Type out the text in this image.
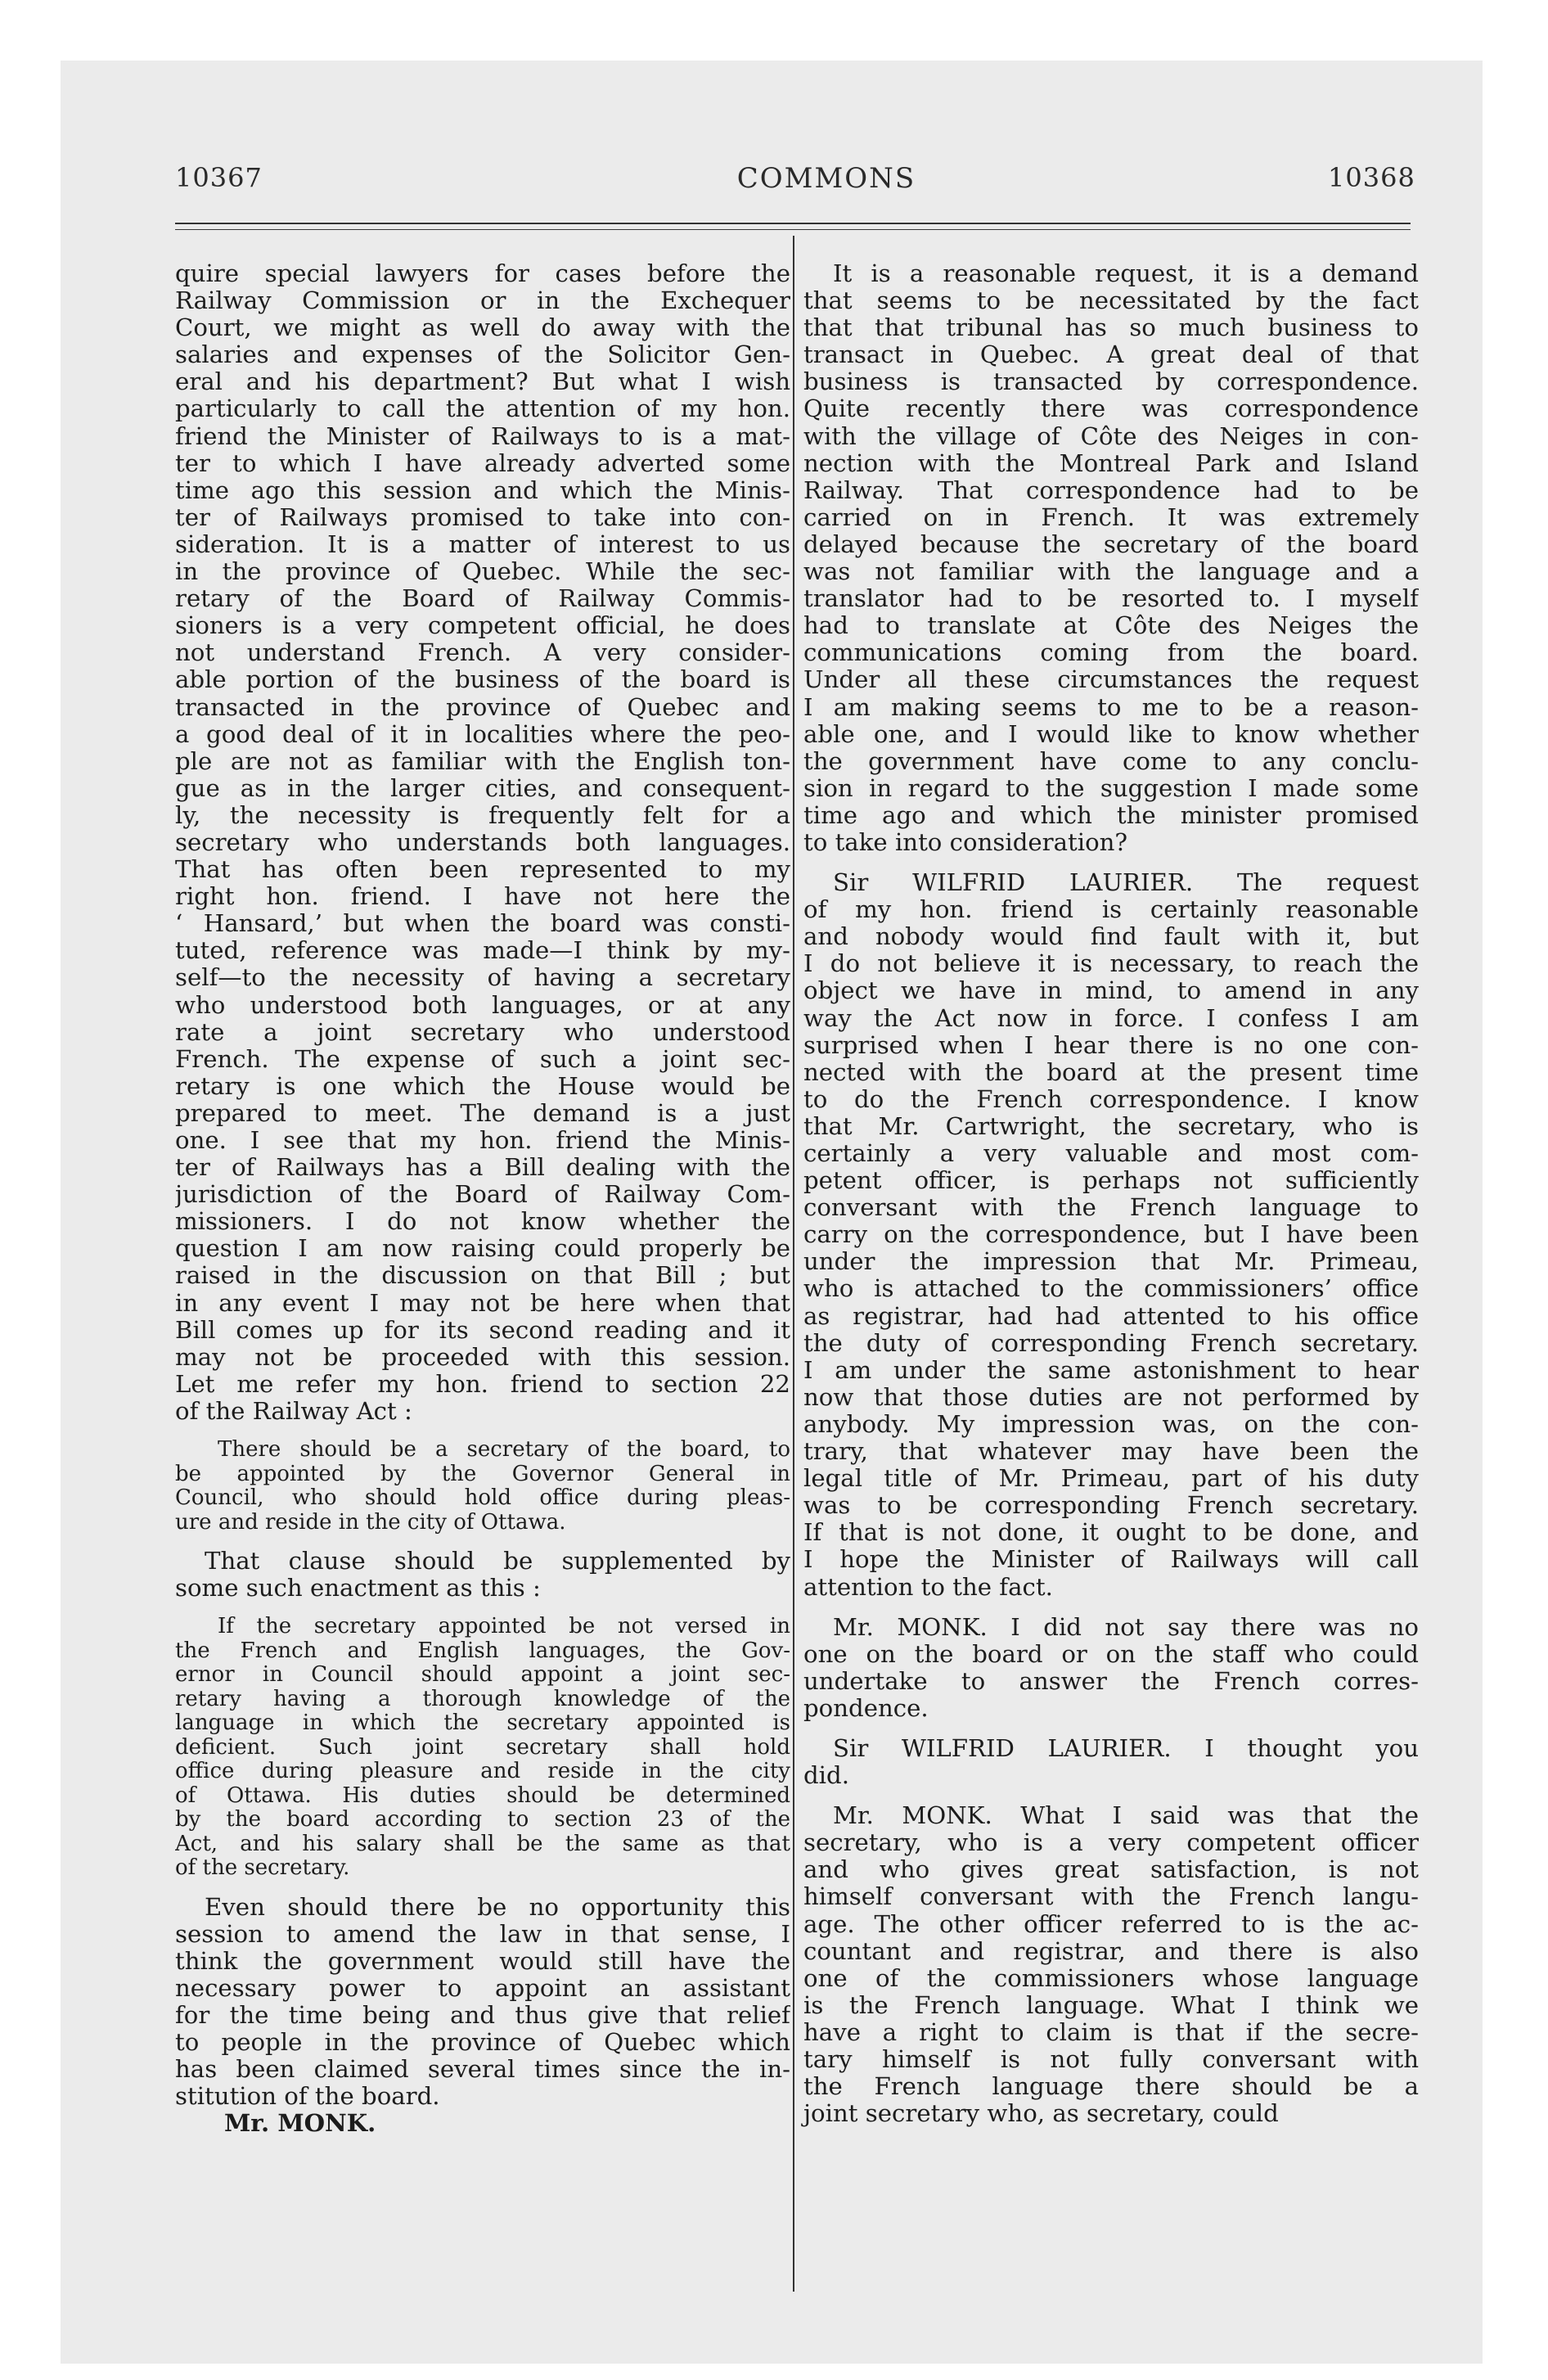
10367	COMMONS	10368
quire special lawyers for cases before the
Railway Commission or in the Exchequer
Court, we might as well do away with the
salaries and expenses of the Solicitor Gen-
eral and his department? But what I wish
particularly to call the attention of my hon.
friend the Minister of Railways to is a mat-
ter to which I have already adverted some
time ago this session and which the Minis-
ter of Railways promised to take into con-
sideration. It is a matter of interest to us
in the province of Quebec. While the sec-
retary of the Board of Railway Commis-
sioners is a very competent official, he does
not understand French. A very consider-
able portion of the business of the board is
transacted in the province of Quebec and
a good deal of it in localities where the peo-
ple are not as familiar with the English ton-
gue as in the larger cities, and consequent-
ly, the necessity is frequently felt for a
secretary who understands both languages.
That has often been represented to my
right hon. friend. I have not here the
‘ Hansard,’ but when the board was consti-
tuted, reference was made—I think by my-
self—to the necessity of having a secretary
who understood both languages, or at any
rate a joint secretary who understood
French. The expense of such a joint sec-
retary is one which the House would be
prepared to meet. The demand is a just
one. I see that my hon. friend the Minis-
ter of Railways has a Bill dealing with the
jurisdiction of the Board of Railway Com-
missioners. I do not know whether the
question I am now raising could properly be
raised in the discussion on that Bill ; but
in any event I may not be here when that
Bill comes up for its second reading and it
may not be proceeded with this session.
Let me refer my hon. friend to section 22
of the Railway Act :
There should be a secretary of the board, to
be appointed by the Governor General in
Council, who should hold office during pleas-
ure and reside in the city of Ottawa.
That clause should be supplemented by
some such enactment as this :
If the secretary appointed be not versed in
the French and English languages, the Gov-
ernor in Council should appoint a joint sec-
retary having a thorough knowledge of the
language in which the secretary appointed is
deficient. Such joint secretary shall hold
office during pleasure and reside in the city
of Ottawa. His duties should be determined
by the board according to section 23 of the
Act, and his salary shall be the same as that
of the secretary.
Even should there be no opportunity this
session to amend the law in that sense, I
think the government would still have the
necessary power to appoint an assistant
for the time being and thus give that relief
to people in the province of Quebec which
has been claimed several times since the in-
stitution of the board.
Mr. MONK.
It is a reasonable request, it is a demand
that seems to be necessitated by the fact
that that tribunal has so much business to
transact in Quebec. A great deal of that
business is transacted by correspondence.
Quite recently there was correspondence
with the village of Côte des Neiges in con-
nection with the Montreal Park and Island
Railway. That correspondence had to be
carried on in French. It was extremely
delayed because the secretary of the board
was not familiar with the language and a
translator had to be resorted to. I myself
had to translate at Côte des Neiges the
communications coming from the board.
Under all these circumstances the request
I am making seems to me to be a reason-
able one, and I would like to know whether
the government have come to any conclu-
sion in regard to the suggestion I made some
time ago and which the minister promised
to take into consideration?
Sir WILFRID LAURIER. The request
of my hon. friend is certainly reasonable
and nobody would find fault with it, but
I do not believe it is necessary, to reach the
object we have in mind, to amend in any
way the Act now in force. I confess I am
surprised when I hear there is no one con-
nected with the board at the present time
to do the French correspondence. I know
that Mr. Cartwright, the secretary, who is
certainly a very valuable and most com-
petent officer, is perhaps not sufficiently
conversant with the French language to
carry on the correspondence, but I have been
under the impression that Mr. Primeau,
who is attached to the commissioners’ office
as registrar, had had attented to his office
the duty of corresponding French secretary.
I am under the same astonishment to hear
now that those duties are not performed by
anybody. My impression was, on the con-
trary, that whatever may have been the
legal title of Mr. Primeau, part of his duty
was to be corresponding French secretary.
If that is not done, it ought to be done, and
I hope the Minister of Railways will call
attention to the fact.
Mr. MONK. I did not say there was no
one on the board or on the staff who could
undertake to answer the French corres-
pondence.
Sir WILFRID LAURIER. I thought you
did.
Mr. MONK. What I said was that the
secretary, who is a very competent officer
and who gives great satisfaction, is not
himself conversant with the French langu-
age. The other officer referred to is the ac-
countant and registrar, and there is also
one of the commissioners whose language
is the French language. What I think we
have a right to claim is that if the secre-
tary himself is not fully conversant with
the French language there should be a
joint secretary who, as secretary, could
